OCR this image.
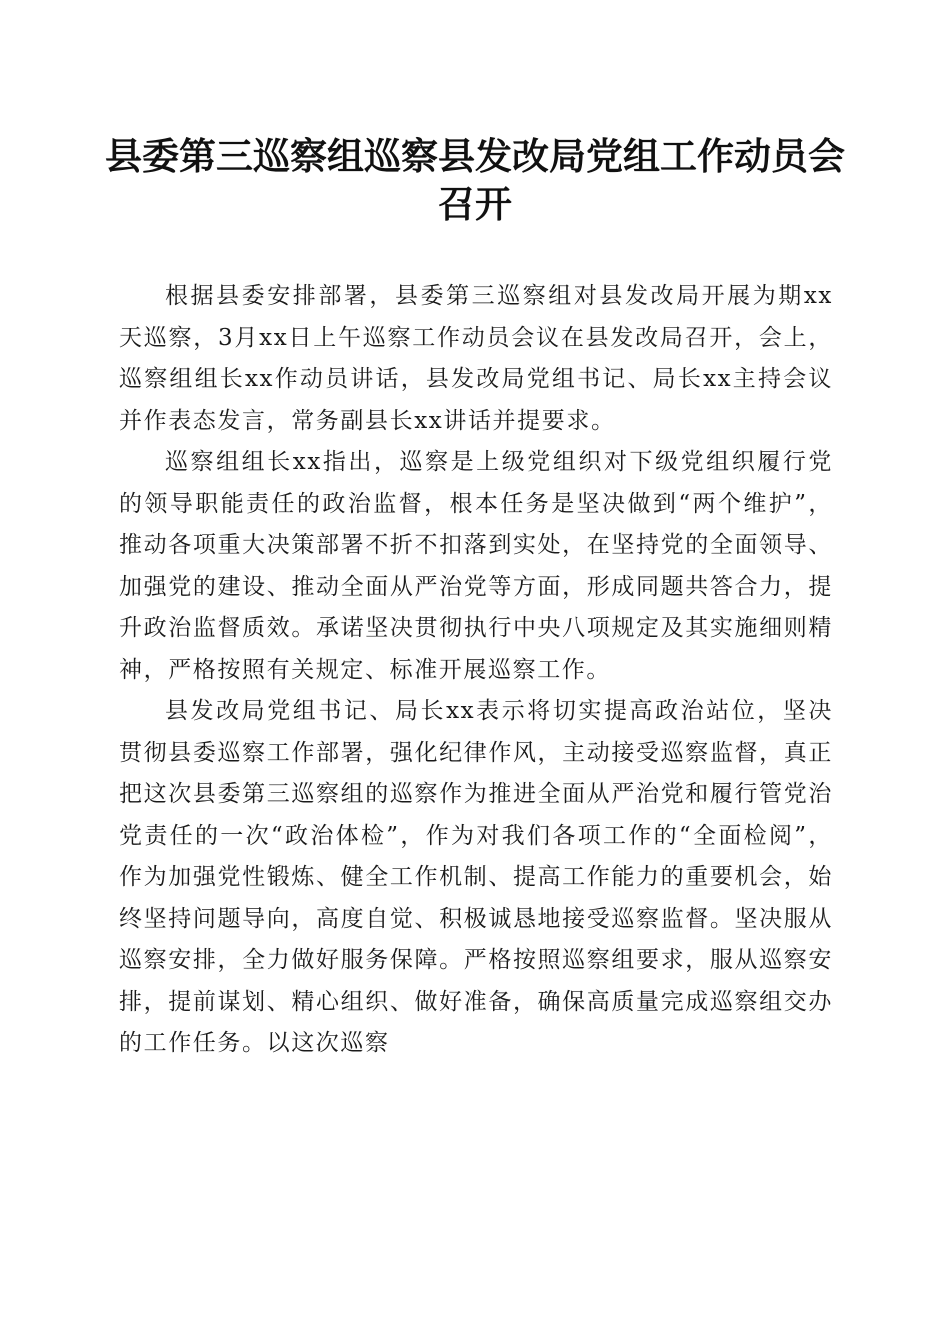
县委第三巡察组巡察县发改局党组工作动员会召开

根据县委安排部署，县委第三巡察组对县发改局开展为期xx天巡察，3月xx日上午巡察工作动员会议在县发改局召开，会上，巡察组组长xx作动员讲话，县发改局党组书记、局长xx主持会议并作表态发言，常务副县长xx讲话并提要求。

巡察组组长xx指出，巡察是上级党组织对下级党组织履行党的领导职能责任的政治监督，根本任务是坚决做到“两个维护”，推动各项重大决策部署不折不扣落到实处，在坚持党的全面领导、加强党的建设、推动全面从严治党等方面，形成同题共答合力，提升政治监督质效。承诺坚决贯彻执行中央八项规定及其实施细则精神，严格按照有关规定、标准开展巡察工作。

县发改局党组书记、局长xx表示将切实提高政治站位，坚决贯彻县委巡察工作部署，强化纪律作风，主动接受巡察监督，真正把这次县委第三巡察组的巡察作为推进全面从严治党和履行管党治党责任的一次“政治体检”，作为对我们各项工作的“全面检阅”，作为加强党性锻炼、健全工作机制、提高工作能力的重要机会，始终坚持问题导向，高度自觉、积极诚恳地接受巡察监督。坚决服从巡察安排，全力做好服务保障。严格按照巡察组要求，服从巡察安排，提前谋划、精心组织、做好准备，确保高质量完成巡察组交办的工作任务。以这次巡察
